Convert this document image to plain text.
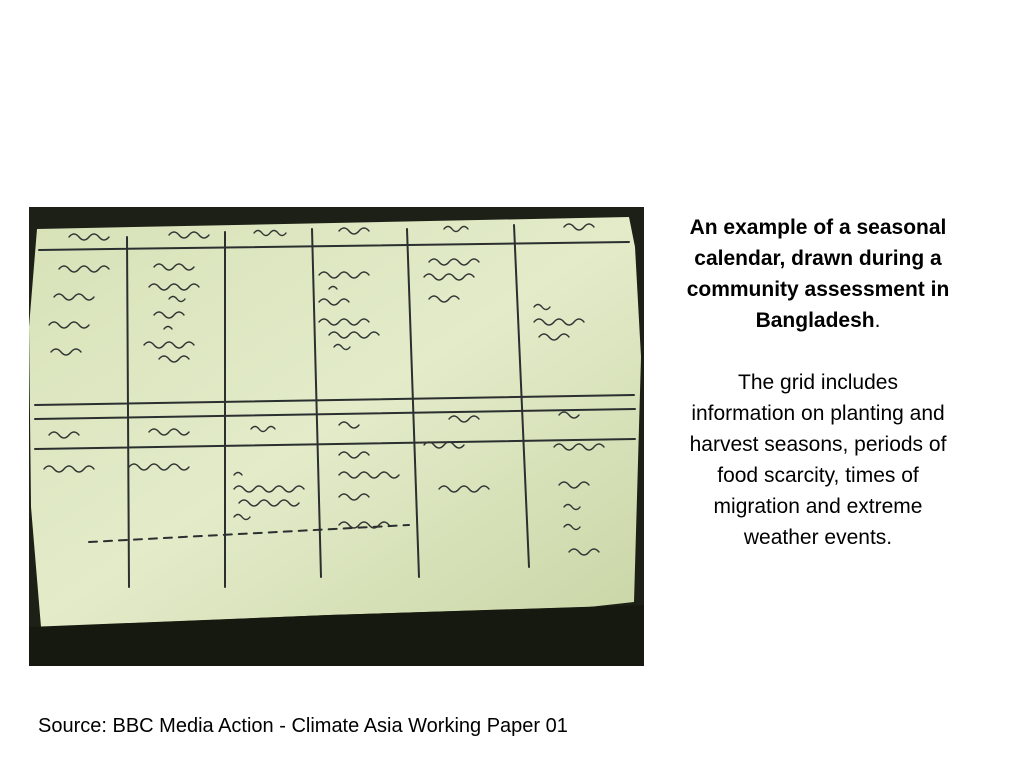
An example of a seasonal calendar, drawn during a community assessment in Bangladesh.
The grid includes information on planting and harvest seasons, periods of
food scarcity, times of migration and extreme weather events.
Source: BBC Media Action - Climate Asia Working Paper 01
